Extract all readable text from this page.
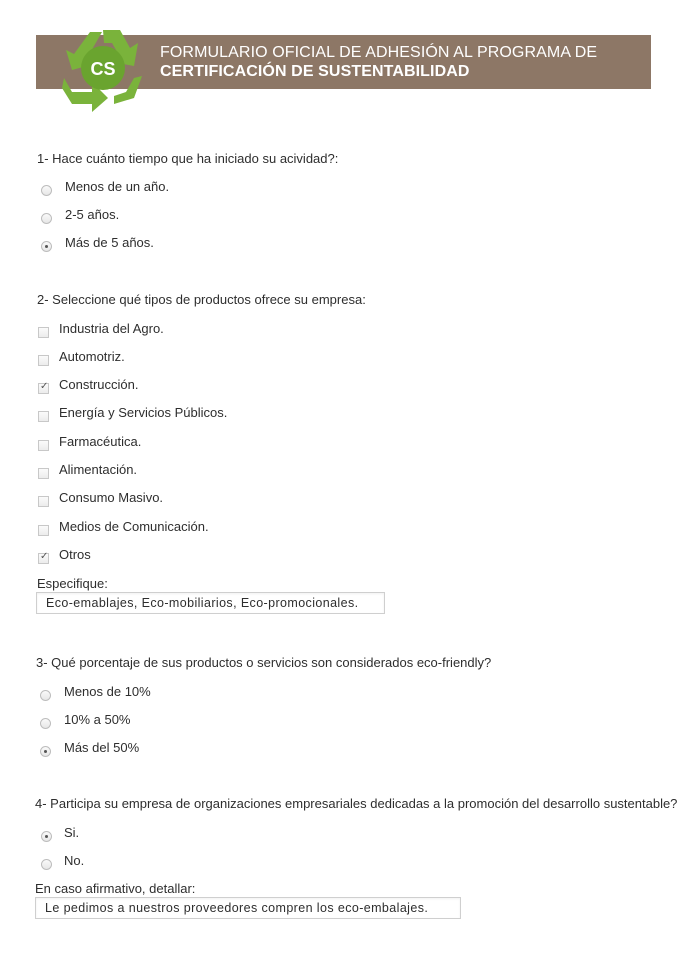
CS
FORMULARIO OFICIAL DE ADHESIÓN AL PROGRAMA DE
CERTIFICACIÓN DE SUSTENTABILIDAD
1- Hace cuánto tiempo que ha iniciado su acividad?:
Menos de un año.
2-5 años.
Más de 5 años.
2- Seleccione qué tipos de productos ofrece su empresa:
Industria del Agro.
Automotriz.
✓
Construcción.
Energía y Servicios Públicos.
Farmacéutica.
Alimentación.
Consumo Masivo.
Medios de Comunicación.
✓
Otros
Especifique:
Eco-emablajes, Eco-mobiliarios, Eco-promocionales.
3- Qué porcentaje de sus productos o servicios son considerados eco-friendly?
Menos de 10%
10% a 50%
Más del 50%
4- Participa su empresa de organizaciones empresariales dedicadas a la promoción del desarrollo sustentable?
Si.
No.
En caso afirmativo, detallar:
Le pedimos a nuestros proveedores compren los eco-embalajes.
